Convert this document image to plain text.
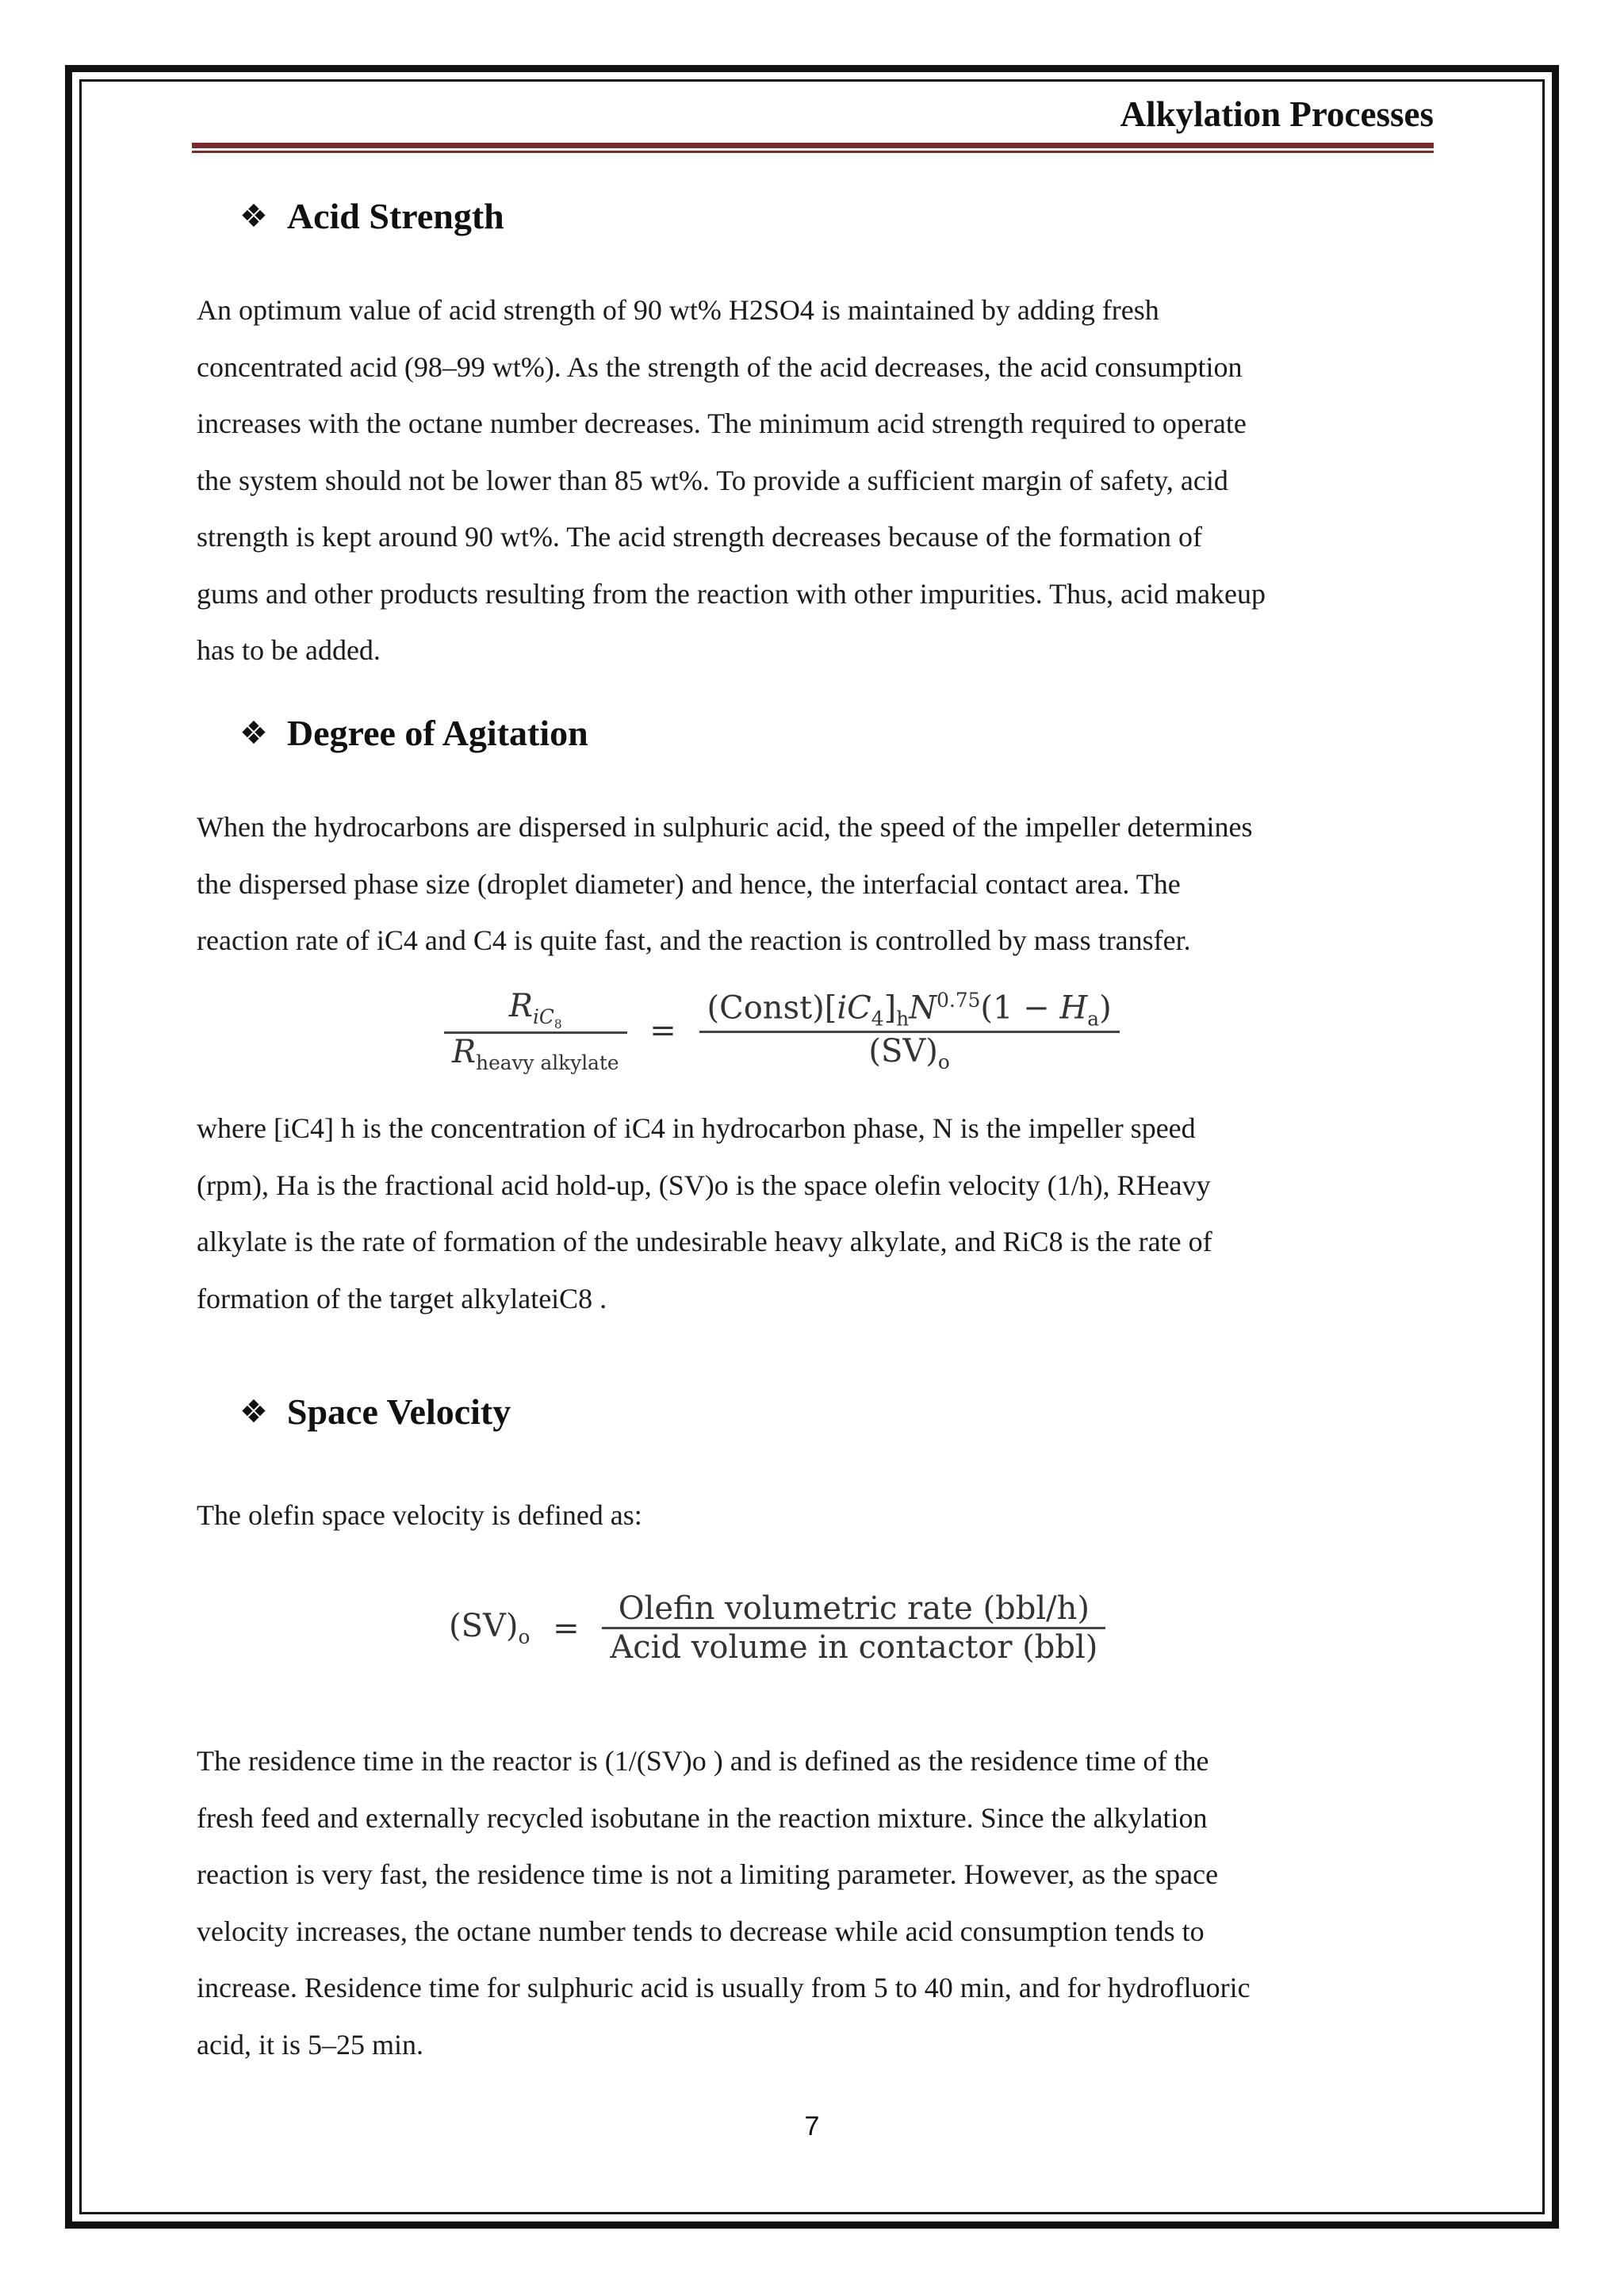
Alkylation Processes
❖ Acid Strength
An optimum value of acid strength of 90 wt% H2SO4 is maintained by adding fresh
concentrated acid (98–99 wt%). As the strength of the acid decreases, the acid consumption
increases with the octane number decreases. The minimum acid strength required to operate
the system should not be lower than 85 wt%. To provide a sufficient margin of safety, acid
strength is kept around 90 wt%. The acid strength decreases because of the formation of
gums and other products resulting from the reaction with other impurities. Thus, acid makeup
has to be added.
❖ Degree of Agitation
When the hydrocarbons are dispersed in sulphuric acid, the speed of the impeller determines
the dispersed phase size (droplet diameter) and hence, the interfacial contact area. The
reaction rate of iC4 and C4 is quite fast, and the reaction is controlled by mass transfer.
$\frac{R_{iC_8}}{R_{heavy alkylate}} = \frac{(Const)[iC_4]_hN^{0.75}(1 - H_a)}{(SV)_o}$
where [iC4] h is the concentration of iC4 in hydrocarbon phase, N is the impeller speed
(rpm), Ha is the fractional acid hold-up, (SV)o is the space olefin velocity (1/h), RHeavy
alkylate is the rate of formation of the undesirable heavy alkylate, and RiC8 is the rate of
formation of the target alkylateiC8 .
❖ Space Velocity
The olefin space velocity is defined as:
$(SV)_o = \frac{\text{Olefin volumetric rate (bbl/h)}}{\text{Acid volume in contactor (bbl)}}$
The residence time in the reactor is (1/(SV)o ) and is defined as the residence time of the
fresh feed and externally recycled isobutane in the reaction mixture. Since the alkylation
reaction is very fast, the residence time is not a limiting parameter. However, as the space
velocity increases, the octane number tends to decrease while acid consumption tends to
increase. Residence time for sulphuric acid is usually from 5 to 40 min, and for hydrofluoric
acid, it is 5–25 min.
7
